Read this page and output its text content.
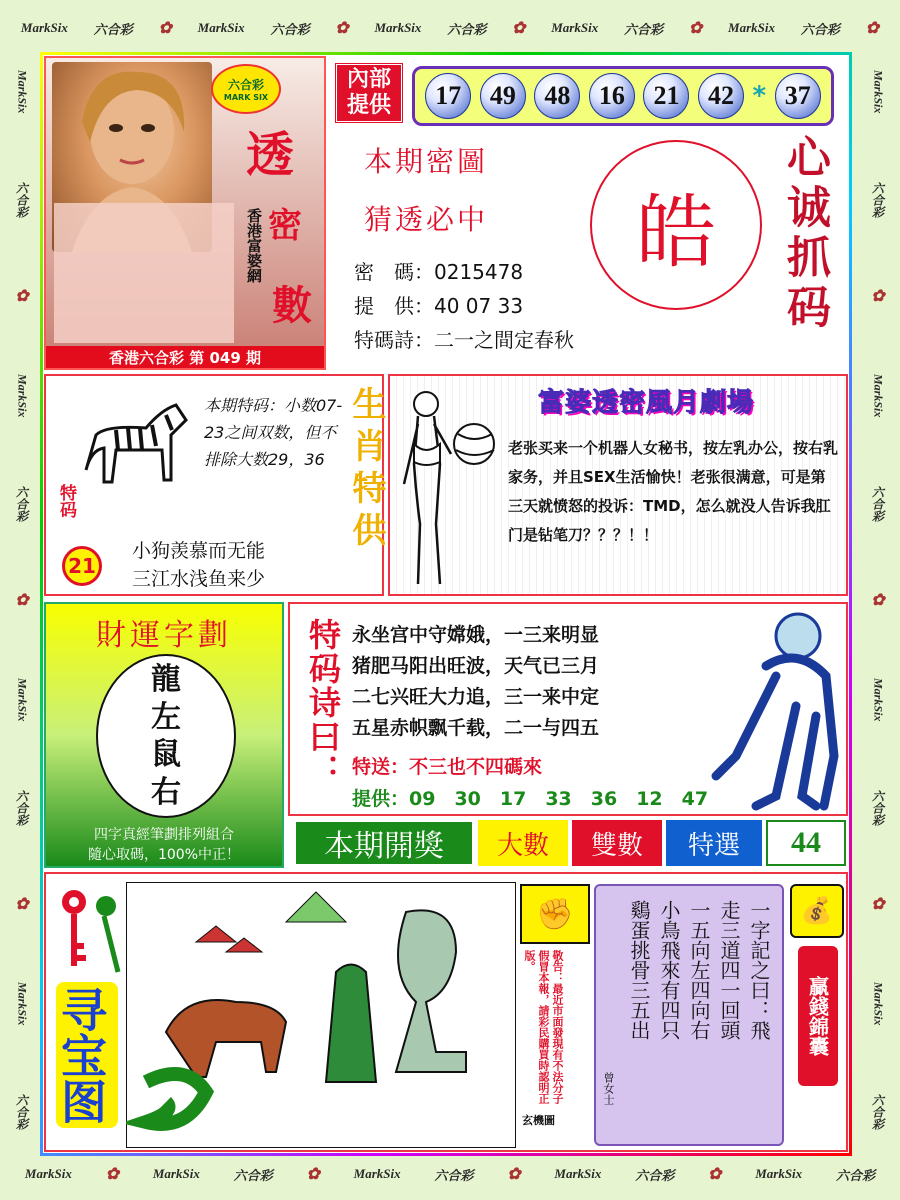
MarkSix 六合彩 ✿ MarkSix 六合彩 ✿ MarkSix 六合彩 ✿ MarkSix 六合彩 ✿ MarkSix 六合彩 ✿
MarkSix ✿	MarkSix	六合彩 ✿	MarkSix	六合彩 ✿	MarkSix	六合彩 ✿	MarkSix	六合彩
MarkSix
六合彩
✿
MarkSix
六合彩
✿
MarkSix
六合彩
✿
MarkSix
六合彩
MarkSix
六合彩
✿
MarkSix
六合彩
✿
MarkSix
六合彩
✿
MarkSix
六合彩
六合彩
MARK SIX
透
密
數
香港富婆網
香港六合彩 第 049 期
內部
提供	17	49	48	16	21	42 * 37
本期密圖
猜透必中
密　碼：0215478
提　供：40 07 33
特碼詩：二一之間定春秋
皓	心诚抓码
本期特码：小数07-23之间双数，但不排除大数29，36
特码
21
小狗羡慕而无能
三江水浅鱼来少
生肖特供	富婆透密風月劇場
老张买来一个机器人女秘书，按左乳办公，按右乳家务，并且SEX生活愉快！老张很满意，可是第三天就愤怒的投诉：TMD，怎么就没人告诉我肛门是钻笔刀？？？！！
財運字劃
龍
左
鼠
右
四字真經筆劃排列組合
隨心取碼，100%中正！
特码诗曰： 永坐宫中守嫦娥，一三来明显
猪肥马阳出旺波，天气已三月
二七兴旺大力追，三一来中定
五星赤帜飘千载，二一与四五
特送：不三也不四碼來
提供：09　30　17　33　36　12　47
本期開獎	大數	雙數	特選	44
寻宝图
✊
敬告：最近市面發現有不法分子假冒本報，請彩民購買時認明正版。
玄機圖
一字記之曰：飛
走三道四一回頭
一五向左四向右
小鳥飛來有四只
鷄蛋挑骨三五出
曾女士
💰
贏錢錦囊
